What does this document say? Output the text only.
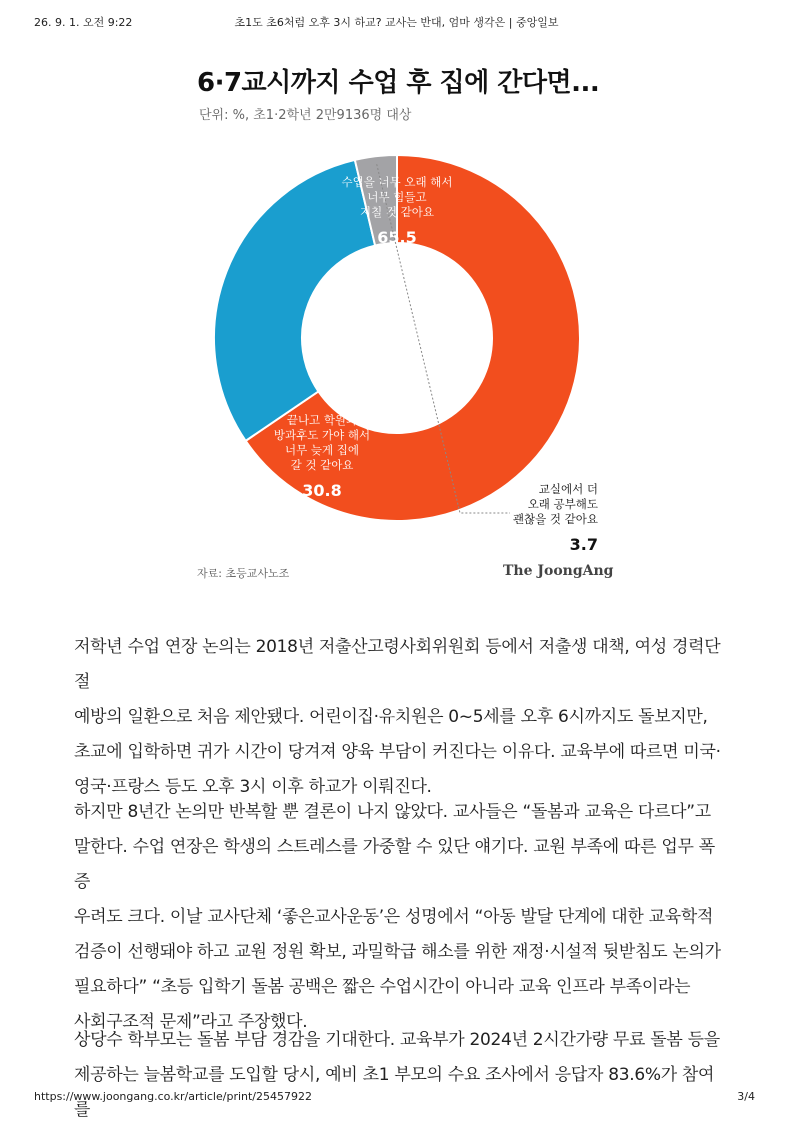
26. 9. 1. 오전 9:22	초1도 초6처럼 오후 3시 하교? 교사는 반대, 엄마 생각은 | 중앙일보
6·7교시까지 수업 후 집에 간다면...
단위: %, 초1·2학년 2만9136명 대상
수업을 너무 오래 해서
너무 힘들고
지칠 것 같아요
65.5
끝나고 학원과
방과후도 가야 해서
너무 늦게 집에
갈 것 같아요
30.8	교실에서 더
오래 공부해도
괜찮을 것 같아요
3.7
자료: 초등교사노조	The JoongAng

저학년 수업 연장 논의는 2018년 저출산고령사회위원회 등에서 저출생 대책, 여성 경력단절

예방의 일환으로 처음 제안됐다. 어린이집·유치원은 0~5세를 오후 6시까지도 돌보지만,

초교에 입학하면 귀가 시간이 당겨져 양육 부담이 커진다는 이유다. 교육부에 따르면 미국·

영국·프랑스 등도 오후 3시 이후 하교가 이뤄진다.

하지만 8년간 논의만 반복할 뿐 결론이 나지 않았다. 교사들은 “돌봄과 교육은 다르다”고

말한다. 수업 연장은 학생의 스트레스를 가중할 수 있단 얘기다. 교원 부족에 따른 업무 폭증

우려도 크다. 이날 교사단체 ‘좋은교사운동’은 성명에서 “아동 발달 단계에 대한 교육학적

검증이 선행돼야 하고 교원 정원 확보, 과밀학급 해소를 위한 재정·시설적 뒷받침도 논의가

필요하다” “초등 입학기 돌봄 공백은 짧은 수업시간이 아니라 교육 인프라 부족이라는

사회구조적 문제”라고 주장했다.

상당수 학부모는 돌봄 부담 경감을 기대한다. 교육부가 2024년 2시간가량 무료 돌봄 등을

제공하는 늘봄학교를 도입할 당시, 예비 초1 부모의 수요 조사에서 응답자 83.6%가 참여를

https://www.joongang.co.kr/article/print/25457922	3/4
